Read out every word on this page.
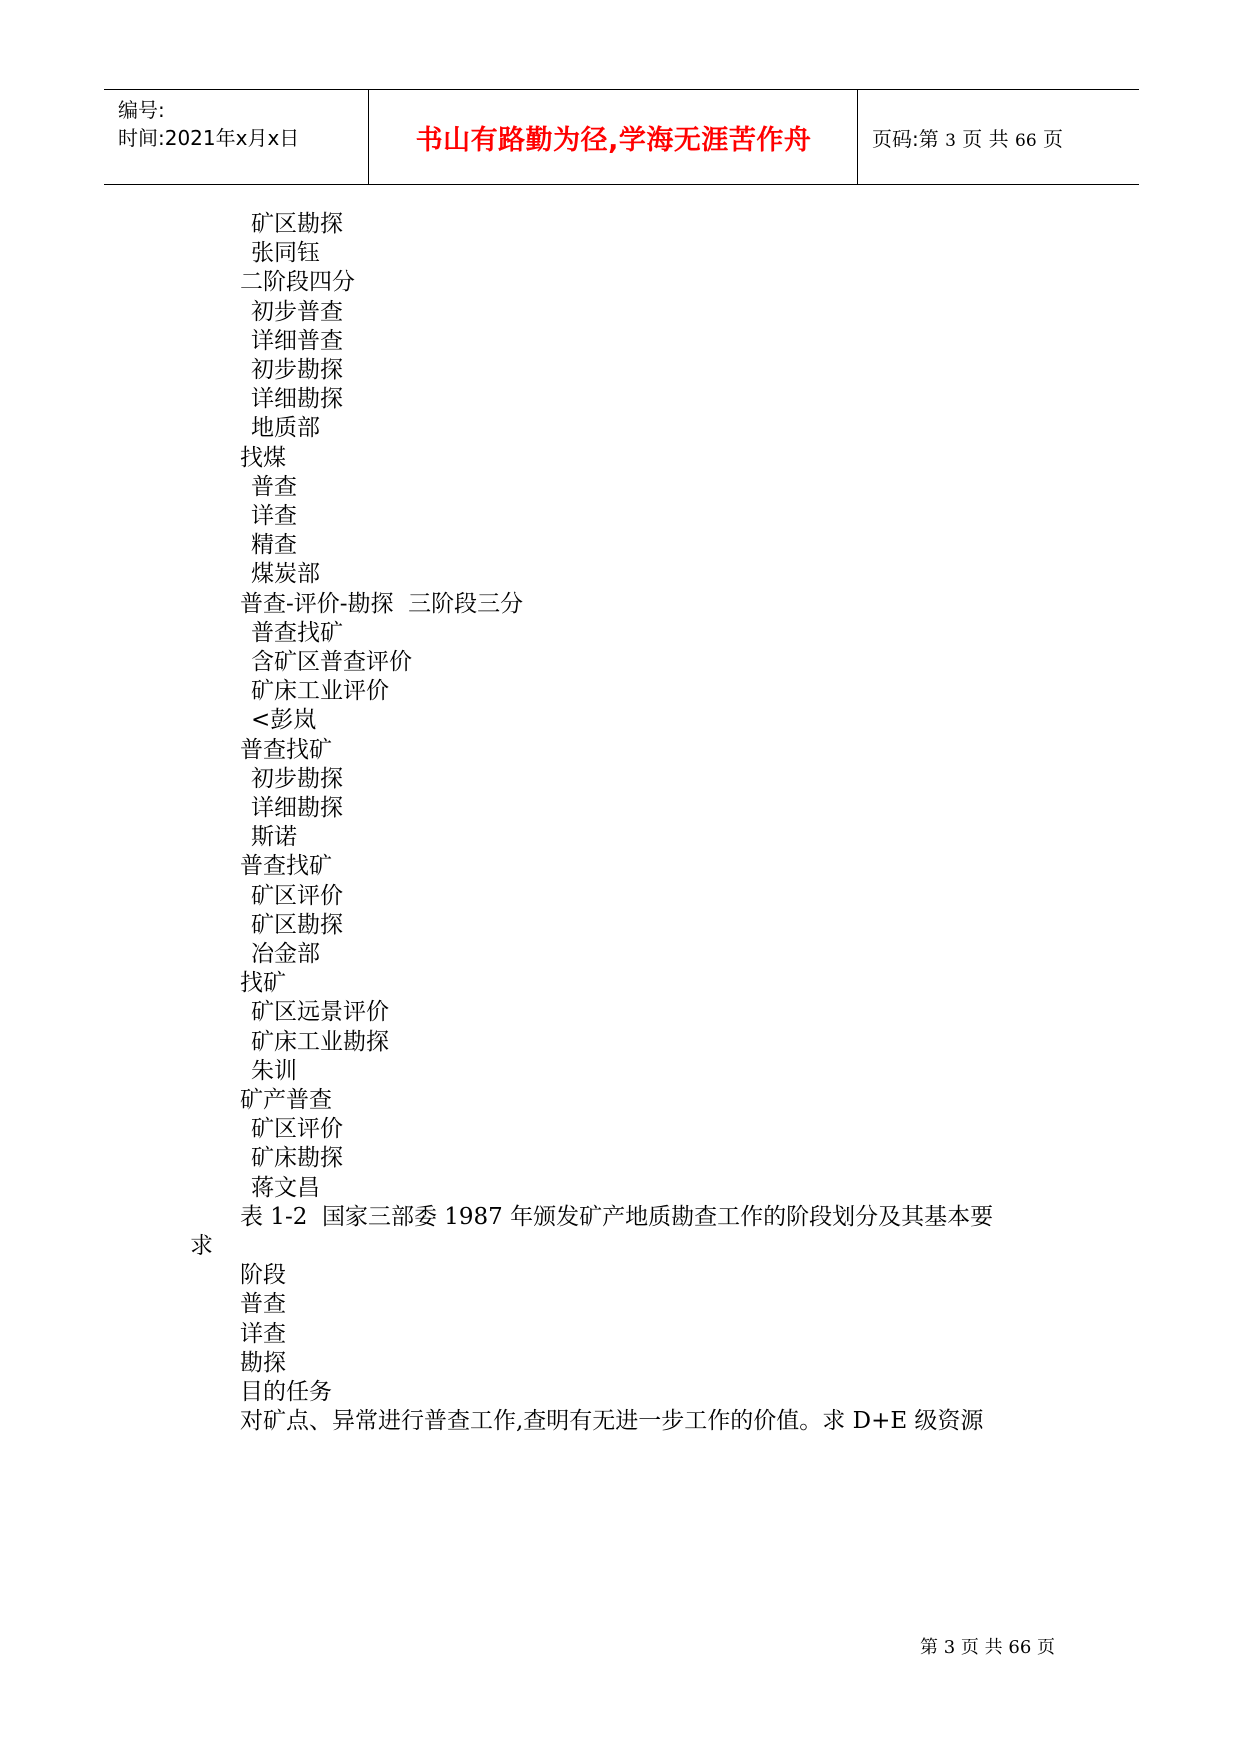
编号:
时间:2021年x月x日	书山有路勤为径,学海无涯苦作舟	页码:第 3 页 共 66 页
矿区勘探
张同钰
二阶段四分
初步普查
详细普查
初步勘探
详细勘探
地质部
找煤
普查
详查
精查
煤炭部
普查-评价-勘探  三阶段三分
普查找矿
含矿区普查评价
矿床工业评价
<彭岚
普查找矿
初步勘探
详细勘探
斯诺
普查找矿
矿区评价
矿区勘探
冶金部
找矿
矿区远景评价
矿床工业勘探
朱训
矿产普查
矿区评价
矿床勘探
蒋文昌
表 1-2  国家三部委 1987 年颁发矿产地质勘查工作的阶段划分及其基本要
求
阶段
普查
详查
勘探
目的任务
对矿点、异常进行普查工作,查明有无进一步工作的价值。求 D+E 级资源
第 3 页 共 66 页
